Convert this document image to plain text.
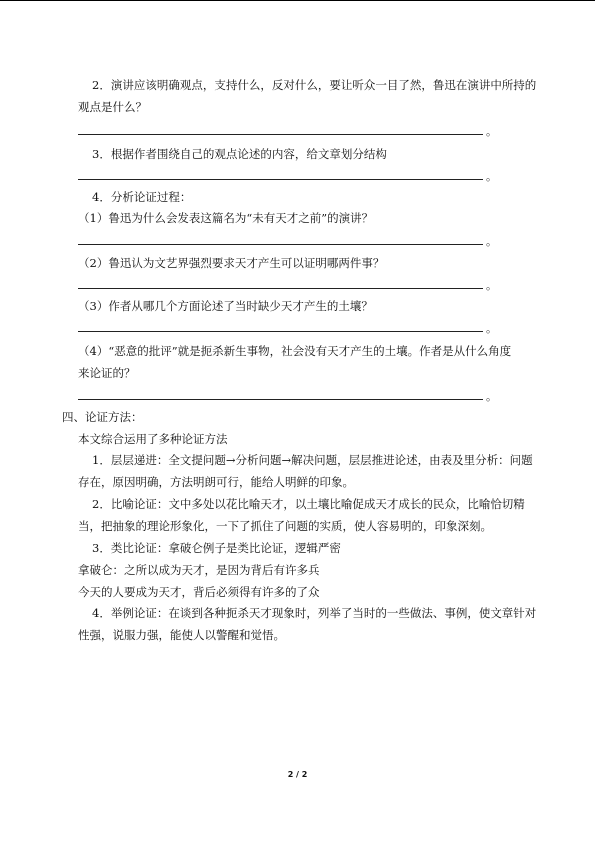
2．演讲应该明确观点，支持什么，反对什么，要让听众一目了然，鲁迅在演讲中所持的
观点是什么？
。
3．根据作者围绕自己的观点论述的内容，给文章划分结构
。
4．分析论证过程：
（1）鲁迅为什么会发表这篇名为“未有天才之前”的演讲？
。
（2）鲁迅认为文艺界强烈要求天才产生可以证明哪两件事？
。
（3）作者从哪几个方面论述了当时缺少天才产生的土壤？
。
（4）“恶意的批评”就是扼杀新生事物，社会没有天才产生的土壤。作者是从什么角度
来论证的？
。
四、论证方法：
本文综合运用了多种论证方法
1．层层递进：全文提问题→分析问题→解决问题，层层推进论述，由表及里分析：问题
存在，原因明确，方法明朗可行，能给人明鲜的印象。
2．比喻论证：文中多处以花比喻天才，以土壤比喻促成天才成长的民众，比喻恰切精
当，把抽象的理论形象化，一下了抓住了问题的实质，使人容易明的，印象深刻。
3．类比论证：拿破仑例子是类比论证，逻辑严密
拿破仑：之所以成为天才，是因为背后有许多兵
今天的人要成为天才，背后必须得有许多的了众
4．举例论证：在谈到各种扼杀天才现象时，列举了当时的一些做法、事例，使文章针对
性强，说服力强，能使人以警醒和觉悟。
2 / 2
